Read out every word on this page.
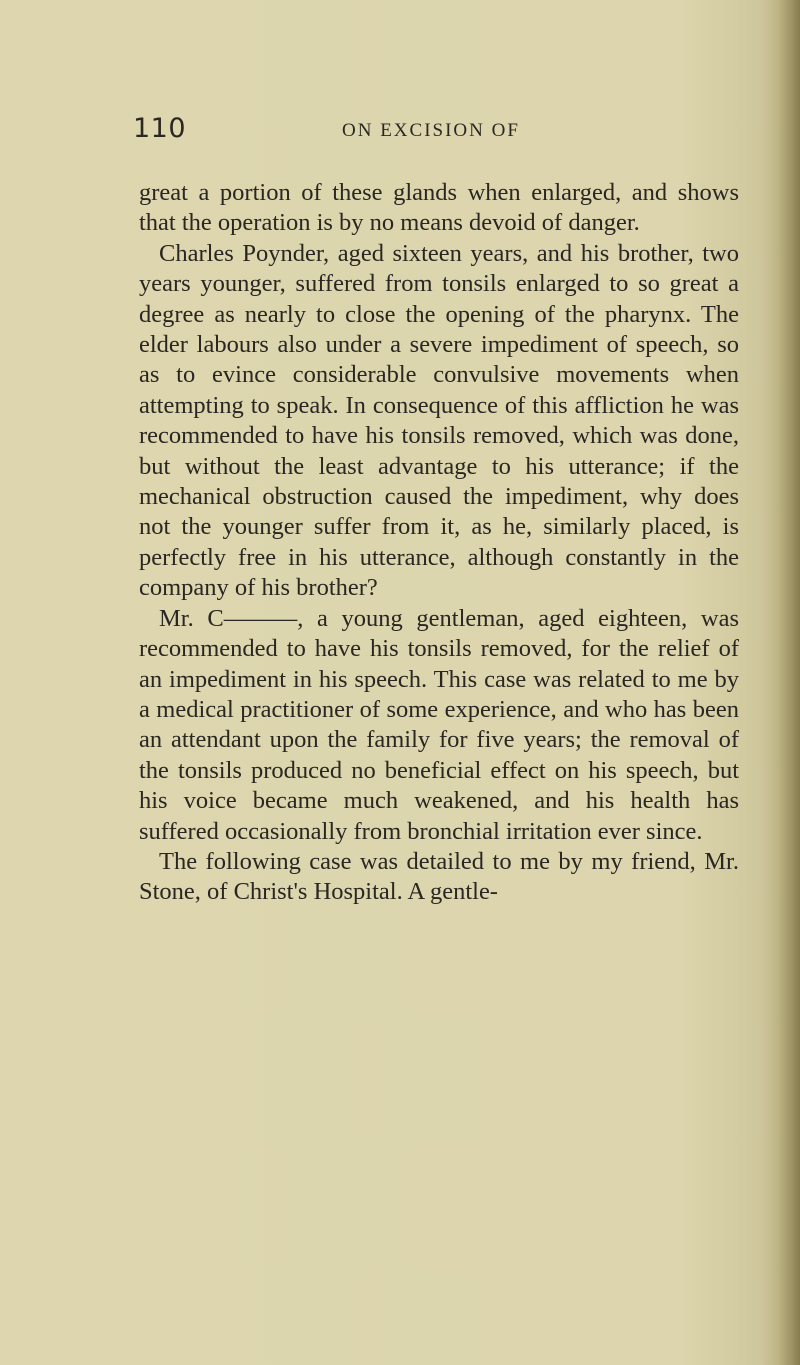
110	ON EXCISION OF

great a portion of these glands when enlarged, and shows that the operation is by no means devoid of danger.

Charles Poynder, aged sixteen years, and his brother, two years younger, suffered from tonsils enlarged to so great a degree as nearly to close the opening of the pharynx. The elder labours also under a severe impediment of speech, so as to evince considerable convulsive movements when attempting to speak. In consequence of this affliction he was recommended to have his tonsils removed, which was done, but without the least advantage to his utterance; if the mechanical obstruction caused the impediment, why does not the younger suffer from it, as he, similarly placed, is perfectly free in his utterance, although constantly in the company of his brother?

Mr. C———, a young gentleman, aged eighteen, was recommended to have his tonsils removed, for the relief of an impediment in his speech. This case was related to me by a medical practitioner of some experience, and who has been an attendant upon the family for five years; the removal of the tonsils produced no beneficial effect on his speech, but his voice became much weakened, and his health has suffered occasionally from bronchial irritation ever since.

The following case was detailed to me by my friend, Mr. Stone, of Christ's Hospital. A gentle-
